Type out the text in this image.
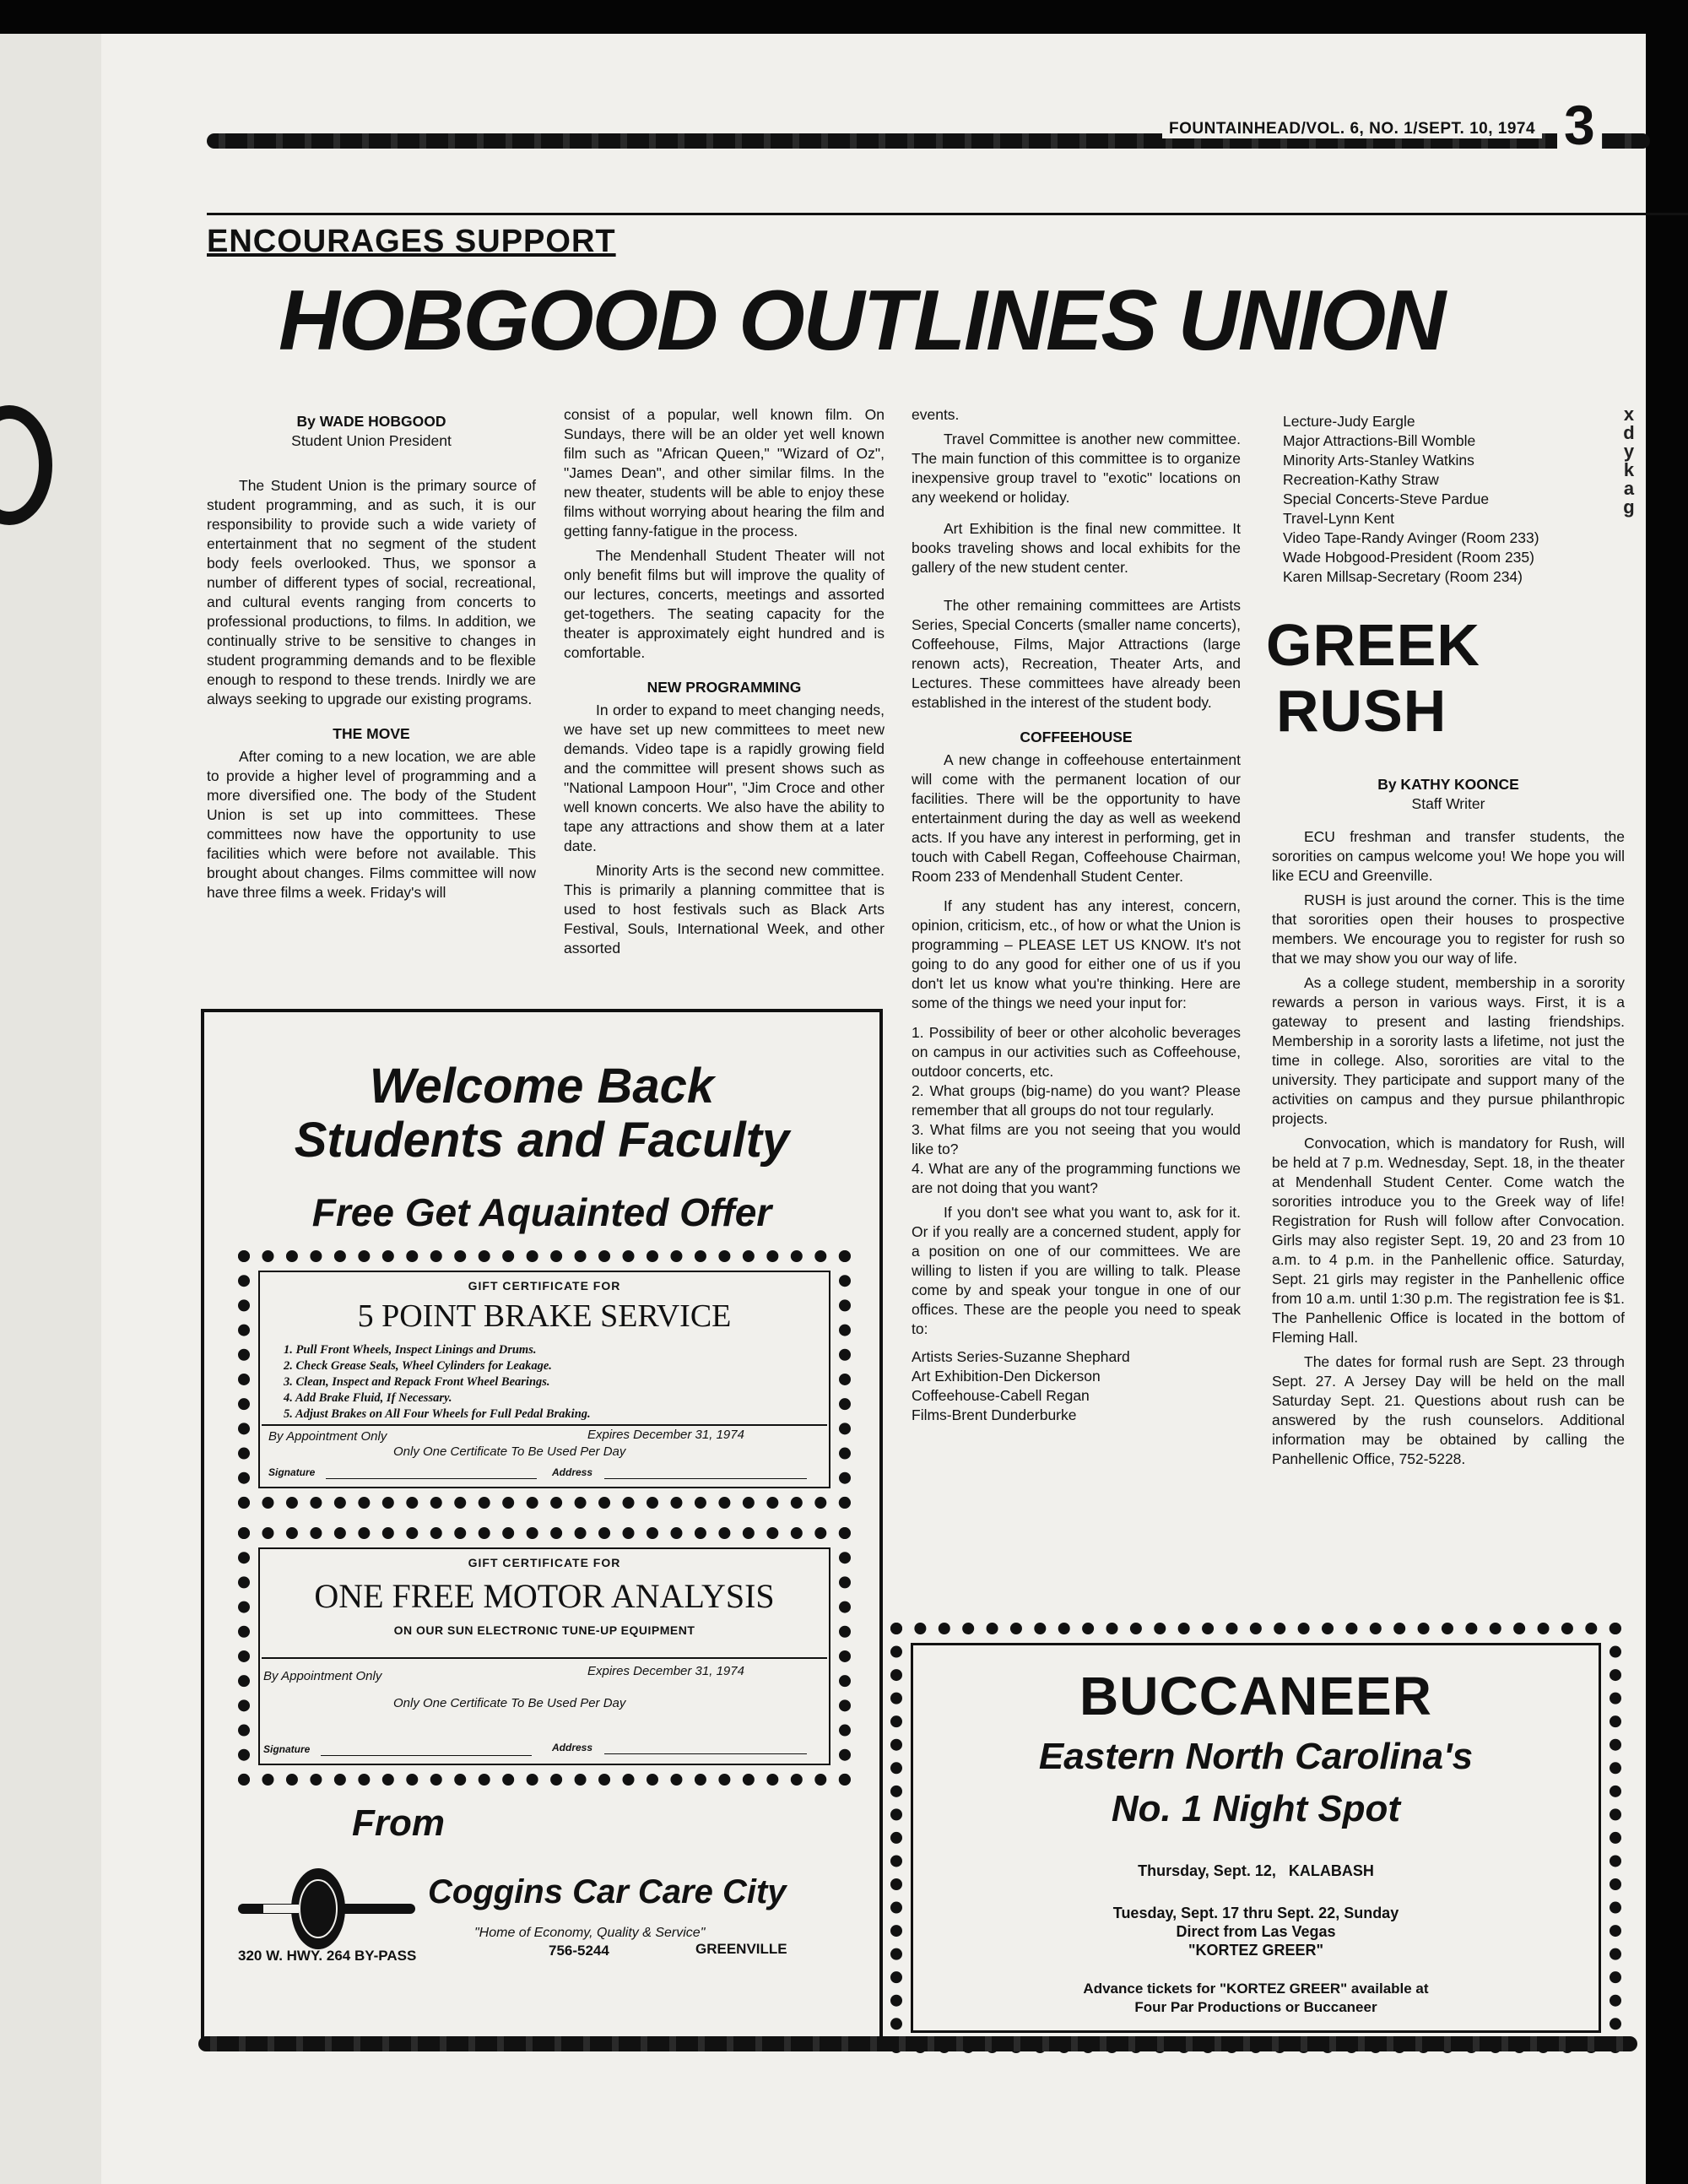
FOUNTAINHEAD/VOL. 6, NO. 1/SEPT. 10, 1974 3
ENCOURAGES SUPPORT
HOBGOOD OUTLINES UNION

By WADE HOBGOOD

Student Union President

The Student Union is the primary source of student programming, and as such, it is our responsibility to provide such a wide variety of entertainment that no segment of the student body feels overlooked. Thus, we sponsor a number of different types of social, recreational, and cultural events ranging from concerts to professional productions, to films. In addition, we continually strive to be sensitive to changes in student programming demands and to be flexible enough to respond to these trends. Inirdly we are always seeking to upgrade our existing programs.

THE MOVE

After coming to a new location, we are able to provide a higher level of programming and a more diversified one. The body of the Student Union is set up into committees. These committees now have the opportunity to use facilities which were before not available. This brought about changes. Films committee will now have three films a week. Friday's will

consist of a popular, well known film. On Sundays, there will be an older yet well known film such as "African Queen," "Wizard of Oz", "James Dean", and other similar films. In the new theater, students will be able to enjoy these films without worrying about hearing the film and getting fanny-fatigue in the process.

The Mendenhall Student Theater will not only benefit films but will improve the quality of our lectures, concerts, meetings and assorted get-togethers. The seating capacity for the theater is approximately eight hundred and is comfortable.

NEW PROGRAMMING

In order to expand to meet changing needs, we have set up new committees to meet new demands. Video tape is a rapidly growing field and the committee will present shows such as "National Lampoon Hour", "Jim Croce and other well known concerts. We also have the ability to tape any attractions and show them at a later date.

Minority Arts is the second new committee. This is primarily a planning committee that is used to host festivals such as Black Arts Festival, Souls, International Week, and other assorted

events.

Travel Committee is another new committee. The main function of this committee is to organize inexpensive group travel to "exotic" locations on any weekend or holiday.

Art Exhibition is the final new committee. It books traveling shows and local exhibits for the gallery of the new student center.

The other remaining committees are Artists Series, Special Concerts (smaller name concerts), Coffeehouse, Films, Major Attractions (large renown acts), Recreation, Theater Arts, and Lectures. These committees have already been established in the interest of the student body.

COFFEEHOUSE

A new change in coffeehouse entertainment will come with the permanent location of our facilities. There will be the opportunity to have entertainment during the day as well as weekend acts. If you have any interest in performing, get in touch with Cabell Regan, Coffeehouse Chairman, Room 233 of Mendenhall Student Center.

If any student has any interest, concern, opinion, criticism, etc., of how or what the Union is programming – PLEASE LET US KNOW. It's not going to do any good for either one of us if you don't let us know what you're thinking. Here are some of the things we need your input for:

1. Possibility of beer or other alcoholic beverages on campus in our activities such as Coffeehouse, outdoor concerts, etc.

2. What groups (big-name) do you want? Please remember that all groups do not tour regularly.

3. What films are you not seeing that you would like to?

4. What are any of the programming functions we are not doing that you want?

If you don't see what you want to, ask for it. Or if you really are a concerned student, apply for a position on one of our committees. We are willing to listen if you are willing to talk. Please come by and speak your tongue in one of our offices. These are the people you need to speak to:

Artists Series-Suzanne Shephard
Art Exhibition-Den Dickerson
Coffeehouse-Cabell Regan
Films-Brent Dunderburke
Lecture-Judy Eargle
Major Attractions-Bill Womble
Minority Arts-Stanley Watkins
Recreation-Kathy Straw
Special Concerts-Steve Pardue
Travel-Lynn Kent
Video Tape-Randy Avinger (Room 233)
Wade Hobgood-President (Room 235)
Karen Millsap-Secretary (Room 234)
GREEK
RUSH

By KATHY KOONCE

Staff Writer

ECU freshman and transfer students, the sororities on campus welcome you! We hope you will like ECU and Greenville.

RUSH is just around the corner. This is the time that sororities open their houses to prospective members. We encourage you to register for rush so that we may show you our way of life.

As a college student, membership in a sorority rewards a person in various ways. First, it is a gateway to present and lasting friendships. Membership in a sorority lasts a lifetime, not just the time in college. Also, sororities are vital to the university. They participate and support many of the activities on campus and they pursue philanthropic projects.

Convocation, which is mandatory for Rush, will be held at 7 p.m. Wednesday, Sept. 18, in the theater at Mendenhall Student Center. Come watch the sororities introduce you to the Greek way of life! Registration for Rush will follow after Convocation. Girls may also register Sept. 19, 20 and 23 from 10 a.m. to 4 p.m. in the Panhellenic office. Saturday, Sept. 21 girls may register in the Panhellenic office from 10 a.m. until 1:30 p.m. The registration fee is $1. The Panhellenic Office is located in the bottom of Fleming Hall.

The dates for formal rush are Sept. 23 through Sept. 27. A Jersey Day will be held on the mall Saturday Sept. 21. Questions about rush can be answered by the rush counselors. Additional information may be obtained by calling the Panhellenic Office, 752-5228.

Welcome Back
Students and Faculty
Free Get Aquainted Offer
GIFT CERTIFICATE FOR
5 POINT BRAKE SERVICE
1. Pull Front Wheels, Inspect Linings and Drums.
2. Check Grease Seals, Wheel Cylinders for Leakage.
3. Clean, Inspect and Repack Front Wheel Bearings.
4. Add Brake Fluid, If Necessary.
5. Adjust Brakes on All Four Wheels for Full Pedal Braking.
By Appointment Only	Expires December 31, 1974
Only One Certificate To Be Used Per Day
Signature	Address
GIFT CERTIFICATE FOR
ONE FREE MOTOR ANALYSIS
ON OUR SUN ELECTRONIC TUNE-UP EQUIPMENT
By Appointment Only	Expires December 31, 1974
Only One Certificate To Be Used Per Day
Signature	Address
From
Coggins Car Care City
"Home of Economy, Quality & Service"
320 W. HWY. 264 BY-PASS	756-5244	GREENVILLE
BUCCANEER
Eastern North Carolina's
No. 1 Night Spot
Thursday, Sept. 12, KALABASH
Tuesday, Sept. 17 thru Sept. 22, Sunday
Direct from Las Vegas
"KORTEZ GREER"
Advance tickets for "KORTEZ GREER" available at
Four Par Productions or Buccaneer
x
d
y
k
a
g
